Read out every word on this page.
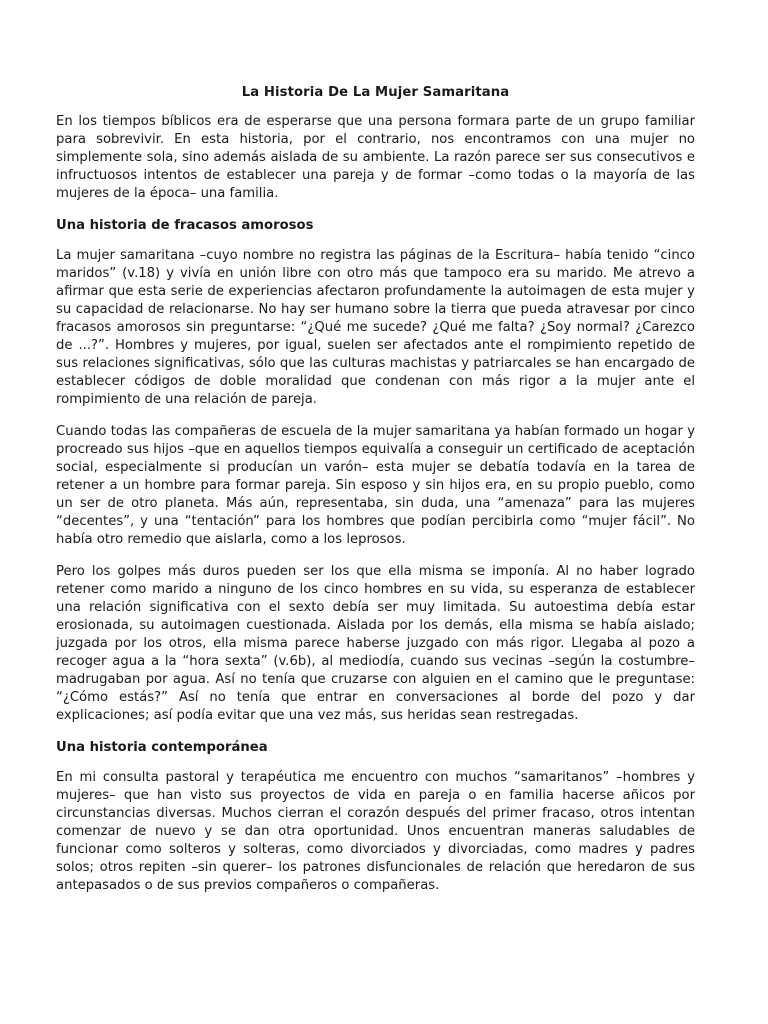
La Historia De La Mujer Samaritana

En los tiempos bíblicos era de esperarse que una persona formara parte de un grupo familiar para sobrevivir. En esta historia, por el contrario, nos encontramos con una mujer no simplemente sola, sino además aislada de su ambiente. La razón parece ser sus consecutivos e infructuosos intentos de establecer una pareja y de formar –como todas o la mayoría de las mujeres de la época– una familia.

Una historia de fracasos amorosos

La mujer samaritana –cuyo nombre no registra las páginas de la Escritura– había tenido “cinco maridos” (v.18) y vivía en unión libre con otro más que tampoco era su marido. Me atrevo a afirmar que esta serie de experiencias afectaron profundamente la autoimagen de esta mujer y su capacidad de relacionarse. No hay ser humano sobre la tierra que pueda atravesar por cinco fracasos amorosos sin preguntarse: “¿Qué me sucede? ¿Qué me falta? ¿Soy normal? ¿Carezco de ...?”. Hombres y mujeres, por igual, suelen ser afectados ante el rompimiento repetido de sus relaciones significativas, sólo que las culturas machistas y patriarcales se han encargado de establecer códigos de doble moralidad que condenan con más rigor a la mujer ante el rompimiento de una relación de pareja.

Cuando todas las compañeras de escuela de la mujer samaritana ya habían formado un hogar y procreado sus hijos –que en aquellos tiempos equivalía a conseguir un certificado de aceptación social, especialmente si producían un varón– esta mujer se debatía todavía en la tarea de retener a un hombre para formar pareja. Sin esposo y sin hijos era, en su propio pueblo, como un ser de otro planeta. Más aún, representaba, sin duda, una “amenaza” para las mujeres “decentes”, y una “tentación” para los hombres que podían percibirla como “mujer fácil”. No había otro remedio que aislarla, como a los leprosos.

Pero los golpes más duros pueden ser los que ella misma se imponía. Al no haber logrado retener como marido a ninguno de los cinco hombres en su vida, su esperanza de establecer una relación significativa con el sexto debía ser muy limitada. Su autoestima debía estar erosionada, su autoimagen cuestionada. Aislada por los demás, ella misma se había aislado; juzgada por los otros, ella misma parece haberse juzgado con más rigor. Llegaba al pozo a recoger agua a la “hora sexta” (v.6b), al mediodía, cuando sus vecinas –según la costumbre– madrugaban por agua. Así no tenía que cruzarse con alguien en el camino que le preguntase: “¿Cómo estás?” Así no tenía que entrar en conversaciones al borde del pozo y dar explicaciones; así podía evitar que una vez más, sus heridas sean restregadas.

Una historia contemporánea

En mi consulta pastoral y terapéutica me encuentro con muchos “samaritanos” –hombres y mujeres– que han visto sus proyectos de vida en pareja o en familia hacerse añicos por circunstancias diversas. Muchos cierran el corazón después del primer fracaso, otros intentan comenzar de nuevo y se dan otra oportunidad. Unos encuentran maneras saludables de funcionar como solteros y solteras, como divorciados y divorciadas, como madres y padres solos; otros repiten –sin querer– los patrones disfuncionales de relación que heredaron de sus antepasados o de sus previos compañeros o compañeras.
